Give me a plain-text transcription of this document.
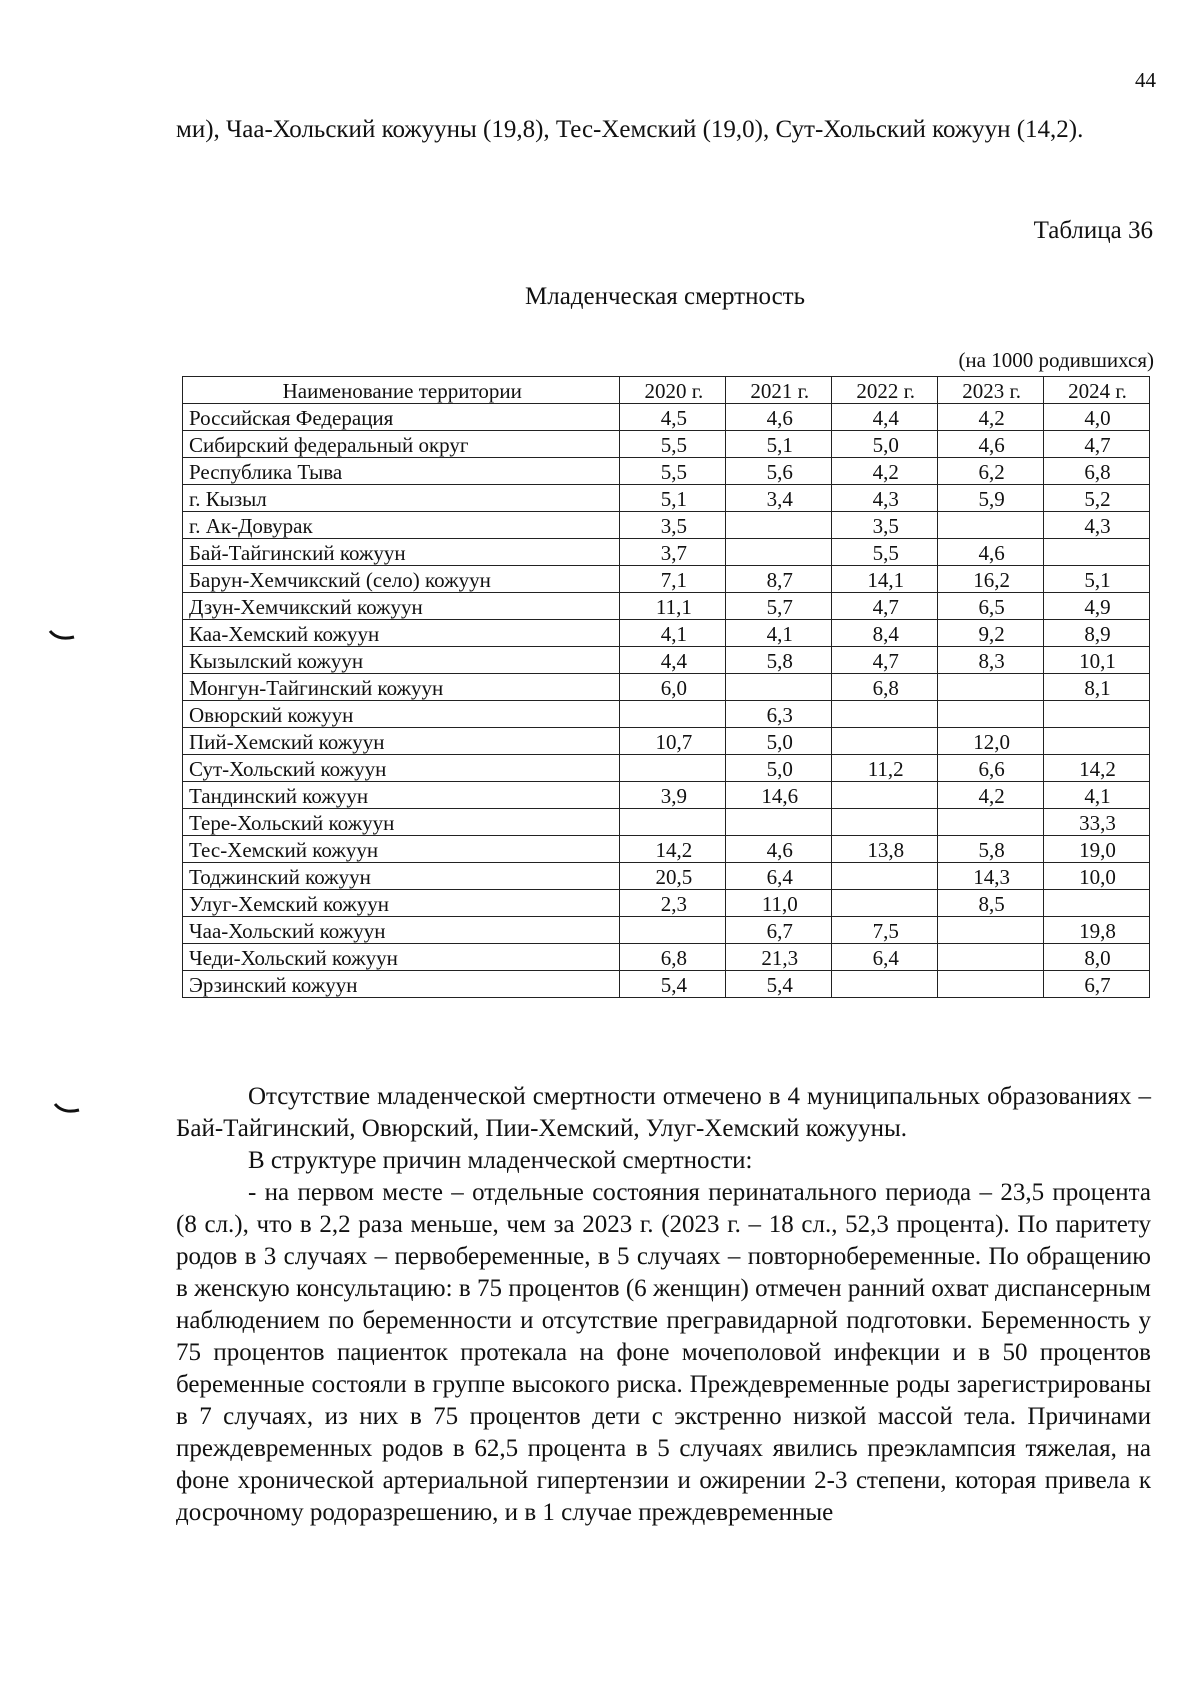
44

ми), Чаа-Хольский кожууны (19,8), Тес-Хемский (19,0), Сут-Хольский кожуун (14,2).

Таблица 36
Младенческая смертность
(на 1000 родившихся)
Наименование территории	2020 г.	2021 г.	2022 г.	2023 г.	2024 г.
Российская Федерация	4,5	4,6	4,4	4,2	4,0
Сибирский федеральный округ	5,5	5,1	5,0	4,6	4,7
Республика Тыва	5,5	5,6	4,2	6,2	6,8
г. Кызыл	5,1	3,4	4,3	5,9	5,2
г. Ак-Довурак	3,5		3,5		4,3
Бай-Тайгинский кожуун	3,7		5,5	4,6	
Барун-Хемчикский (село) кожуун	7,1	8,7	14,1	16,2	5,1
Дзун-Хемчикский кожуун	11,1	5,7	4,7	6,5	4,9
Каа-Хемский кожуун	4,1	4,1	8,4	9,2	8,9
Кызылский кожуун	4,4	5,8	4,7	8,3	10,1
Монгун-Тайгинский кожуун	6,0		6,8		8,1
Овюрский кожуун		6,3			
Пий-Хемский кожуун	10,7	5,0		12,0	
Сут-Хольский кожуун		5,0	11,2	6,6	14,2
Тандинский кожуун	3,9	14,6		4,2	4,1
Тере-Хольский кожуун					33,3
Тес-Хемский кожуун	14,2	4,6	13,8	5,8	19,0
Тоджинский кожуун	20,5	6,4		14,3	10,0
Улуг-Хемский кожуун	2,3	11,0		8,5	
Чаа-Хольский кожуун		6,7	7,5		19,8
Чеди-Хольский кожуун	6,8	21,3	6,4		8,0
Эрзинский кожуун	5,4	5,4			6,7

Отсутствие младенческой смертности отмечено в 4 муниципальных образованиях – Бай-Тайгинский, Овюрский, Пии-Хемский, Улуг-Хемский кожууны.

В структуре причин младенческой смертности:

- на первом месте – отдельные состояния перинатального периода – 23,5 процента (8 сл.), что в 2,2 раза меньше, чем за 2023 г. (2023 г. – 18 сл., 52,3 процента). По паритету родов в 3 случаях – первобеременные, в 5 случаях – повторнобеременные. По обращению в женскую консультацию: в 75 процентов (6 женщин) отмечен ранний охват диспансерным наблюдением по беременности и отсутствие прегравидарной подготовки. Беременность у 75 процентов пациенток протекала на фоне мочеполовой инфекции и в 50 процентов беременные состояли в группе высокого риска. Преждевременные роды зарегистрированы в 7 случаях, из них в 75 процентов дети с экстренно низкой массой тела. Причинами преждевременных родов в 62,5 процента в 5 случаях явились преэклампсия тяжелая, на фоне хронической артериальной гипертензии и ожирении 2-3 степени, которая привела к досрочному родоразрешению, и в 1 случае преждевременные
